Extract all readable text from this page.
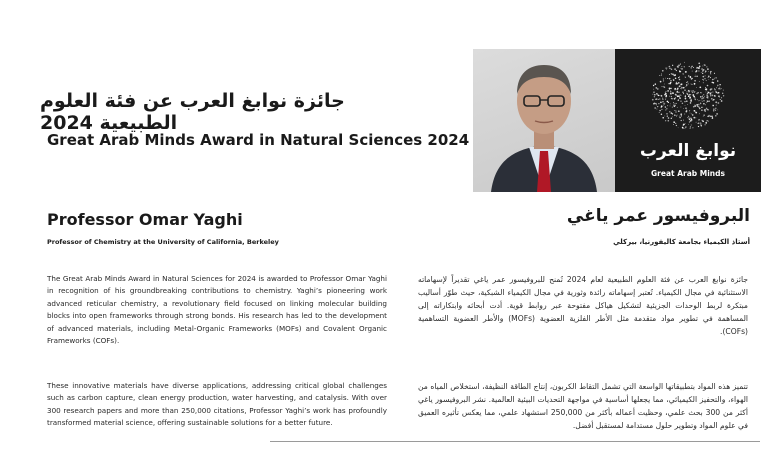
جائزة نوابغ العرب عن فئة العلوم الطبيعية 2024
Great Arab Minds Award in Natural Sciences 2024
نوابغ العرب
Great Arab Minds
Professor Omar Yaghi
Professor of Chemistry at the University of California, Berkeley
البروفيسور عمر ياغي
أستاذ الكيمياء بجامعة كاليفورنيا، بيركلي
The Great Arab Minds Award in Natural Sciences for 2024 is awarded to Professor Omar Yaghi in recognition of his groundbreaking contributions to chemistry. Yaghi’s pioneering work advanced reticular chemistry, a revolutionary field focused on linking molecular building blocks into open frameworks through strong bonds. His research has led to the development of advanced materials, including Metal-Organic Frameworks (MOFs) and Covalent Organic Frameworks (COFs).
These innovative materials have diverse applications, addressing critical global challenges such as carbon capture, clean energy production, water harvesting, and catalysis. With over 300 research papers and more than 250,000 citations, Professor Yaghi’s work has profoundly transformed material science, offering sustainable solutions for a better future.
جائزة نوابغ العرب عن فئة العلوم الطبيعية لعام 2024 تُمنح للبروفيسور عمر ياغي تقديراً لإسهاماته الاستثنائية في مجال الكيمياء. تُعتبر إسهاماته رائدة وثورية في مجال الكيمياء الشبكية، حيث طوّر أساليب مبتكرة لربط الوحدات الجزيئية لتشكيل هياكل مفتوحة عبر روابط قوية. أدت أبحاثه وابتكاراته إلى المساهمة في تطوير مواد متقدمة مثل الأطر الفلزية العضوية (MOFs) والأطر العضوية التساهمية (COFs).
تتميز هذه المواد بتطبيقاتها الواسعة التي تشمل التقاط الكربون، إنتاج الطاقة النظيفة، استخلاص المياه من الهواء، والتحفيز الكيميائي، مما يجعلها أساسية في مواجهة التحديات البيئية العالمية. نشر البروفيسور ياغي أكثر من 300 بحث علمي، وحظيت أعماله بأكثر من 250,000 استشهاد علمي، مما يعكس تأثيره العميق في علوم المواد وتطوير حلول مستدامة لمستقبل أفضل.
